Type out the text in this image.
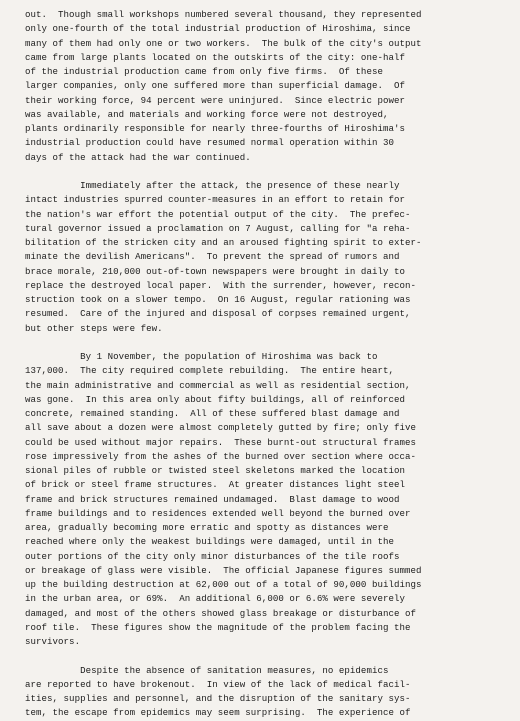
out.  Though small workshops numbered several thousand, they represented
only one-fourth of the total industrial production of Hiroshima, since
many of them had only one or two workers.  The bulk of the city's output
came from large plants located on the outskirts of the city: one-half
of the industrial production came from only five firms.  Of these
larger companies, only one suffered more than superficial damage.  Of
their working force, 94 percent were uninjured.  Since electric power
was available, and materials and working force were not destroyed,
plants ordinarily responsible for nearly three-fourths of Hiroshima's
industrial production could have resumed normal operation within 30
days of the attack had the war continued.
Immediately after the attack, the presence of these nearly
intact industries spurred counter-measures in an effort to retain for
the nation's war effort the potential output of the city.  The prefec-
tural governor issued a proclamation on 7 August, calling for "a reha-
bilitation of the stricken city and an aroused fighting spirit to exter-
minate the devilish Americans".  To prevent the spread of rumors and
brace morale, 210,000 out-of-town newspapers were brought in daily to
replace the destroyed local paper.  With the surrender, however, recon-
struction took on a slower tempo.  On 16 August, regular rationing was
resumed.  Care of the injured and disposal of corpses remained urgent,
but other steps were few.
By 1 November, the population of Hiroshima was back to
137,000.  The city required complete rebuilding.  The entire heart,
the main administrative and commercial as well as residential section,
was gone.  In this area only about fifty buildings, all of reinforced
concrete, remained standing.  All of these suffered blast damage and
all save about a dozen were almost completely gutted by fire; only five
could be used without major repairs.  These burnt-out structural frames
rose impressively from the ashes of the burned over section where occa-
sional piles of rubble or twisted steel skeletons marked the location
of brick or steel frame structures.  At greater distances light steel
frame and brick structures remained undamaged.  Blast damage to wood
frame buildings and to residences extended well beyond the burned over
area, gradually becoming more erratic and spotty as distances were
reached where only the weakest buildings were damaged, until in the
outer portions of the city only minor disturbances of the tile roofs
or breakage of glass were visible.  The official Japanese figures summed
up the building destruction at 62,000 out of a total of 90,000 buildings
in the urban area, or 69%.  An additional 6,000 or 6.6% were severely
damaged, and most of the others showed glass breakage or disturbance of
roof tile.  These figures show the magnitude of the problem facing the
survivors.
Despite the absence of sanitation measures, no epidemics
are reported to have brokenout.  In view of the lack of medical facil-
ities, supplies and personnel, and the disruption of the sanitary sys-
tem, the escape from epidemics may seem surprising.  The experience of
